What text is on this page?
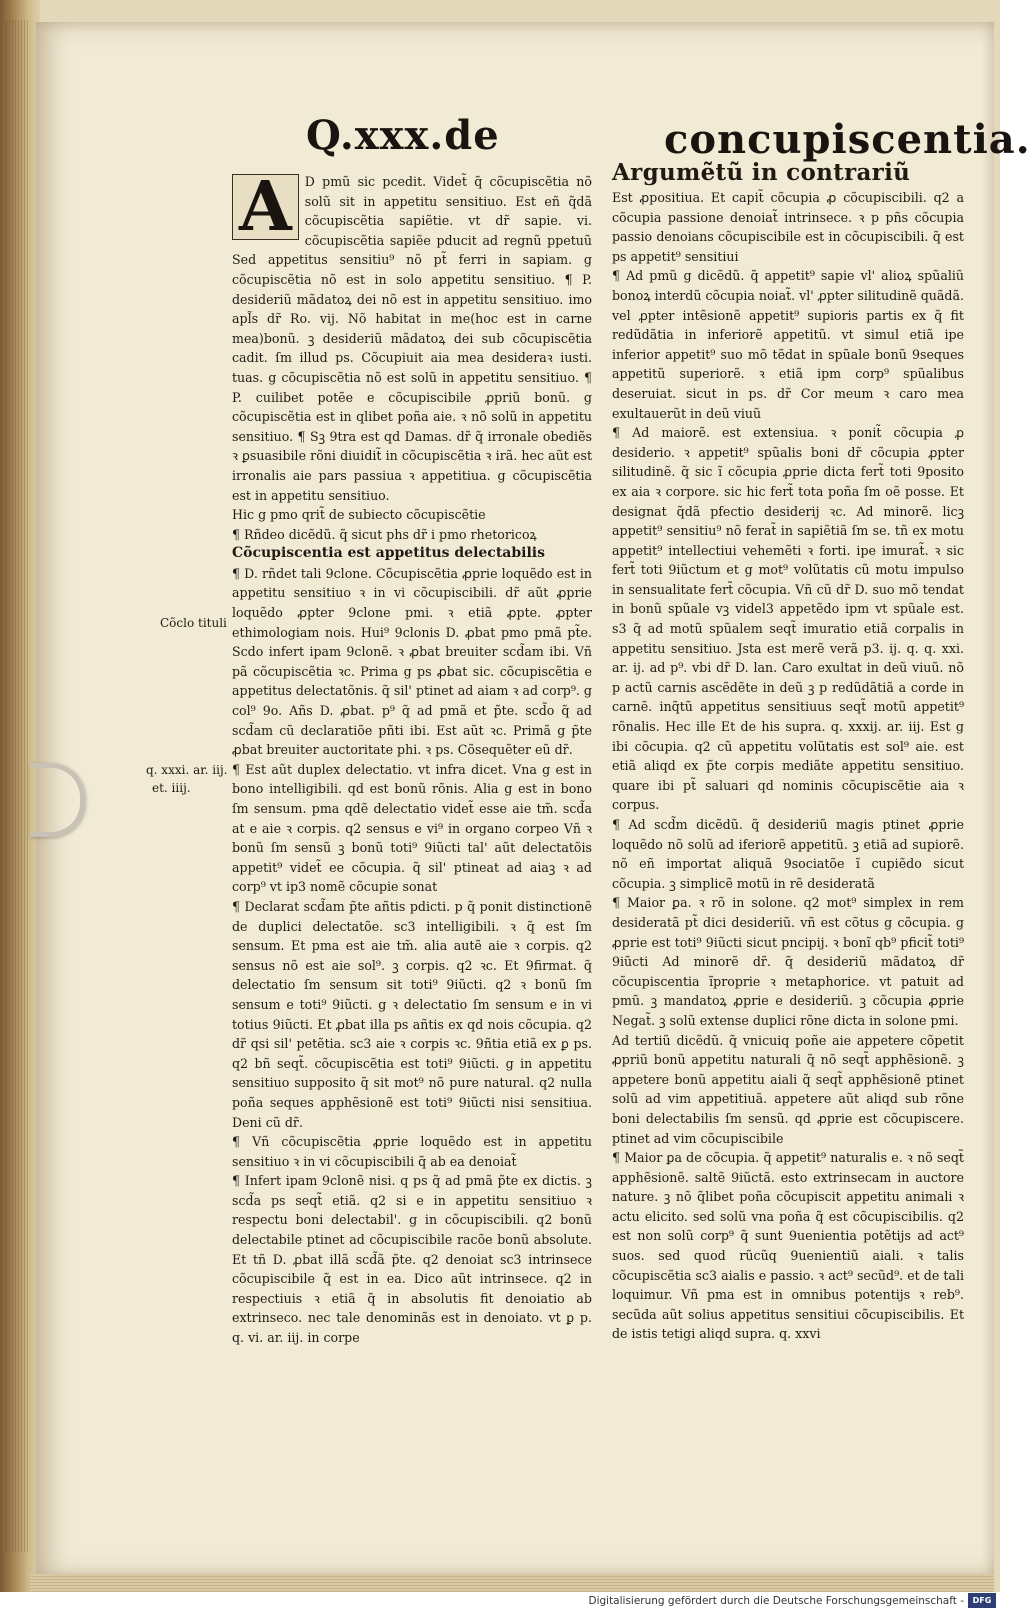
Q.xxx.de	concupiscentia.
A	D pmũ sic pcedit. Videt̃ q̃ cõcupiscẽtia nõ solũ sit in appetitu sensitiuo. Est eñ q̃dã cõcupiscẽtia sapiẽtie. vt dr̃ sapie. vi. cõcupiscẽtia sapiẽe pducit ad regnũ ppetuũ Sed appetitus sensitiu⁹ nõ pt̃ ferri in sapiam. g cõcupiscẽtia nõ est in solo appetitu sensitiuo. ¶ P. desideriũ mãdatoꝝ dei nõ est in appetitu sensitiuo. imo apl̃s dr̃ Ro. vij. Nõ habitat in me(hoc est in carne mea)bonũ. ꝫ desideriũ mãdatoꝝ dei sub cõcupiscẽtia cadit. ſm illud ps. Cõcupiuit aia mea desideraꝛ iusti. tuas. g cõcupiscẽtia nõ est solũ in appetitu sensitiuo. ¶ P. cuilibet potẽe e cõcupiscibile ꝓpriũ bonũ. g cõcupiscẽtia est in qlibet poña aie. ꝛ nõ solũ in appetitu sensitiuo. ¶ Sꝫ 9tra est qd Damas. dr̃ q̃ irronale obediẽs ꝛ ꝑsuasibile rõni diuidit̃ in cõcupiscẽtia ꝛ irã. hec aũt est irronalis aie pars passiua ꝛ appetitiua. g cõcupiscẽtia est in appetitu sensitiuo.

Hic g pmo qrit̃ de subiecto cõcupiscẽtie

¶ Rñdeo dicẽdũ. q̃ sicut phs dr̃ i pmo rhetoricoꝝ

Cõcupiscentia est appetitus delectabilis

¶ D. rñdet tali 9clone. Cõcupiscẽtia ꝓprie loquẽdo est in appetitu sensitiuo ꝛ in vi cõcupiscibili. dr̃ aũt ꝓprie loquẽdo ꝓpter 9clone pmi. ꝛ etiã ꝓpte. ꝓpter ethimologiam nois. Hui⁹ 9clonis D. ꝓbat pmo pmã pt̃e. Scdo infert ipam 9clonẽ. ꝛ ꝓbat breuiter scd̃am ibi. Vñ pã cõcupiscẽtia ꝛc. Prima g ps ꝓbat sic. cõcupiscẽtia e appetitus delectatõnis. q̃ sil' ptinet ad aiam ꝛ ad corp⁹. g col⁹ 9o. Añs D. ꝓbat. p⁹ q̃ ad pmã et p̃te. scd̃o q̃ ad scd̃am cũ declaratiõe pñti ibi. Est aũt ꝛc. Primã g p̃te ꝓbat breuiter auctoritate phi. ꝛ ps. Cõsequẽter eũ dr̃.

¶ Est aũt duplex delectatio. vt infra dicet. Vna g est in bono intelligibili. qd est bonũ rõnis. Alia g est in bono ſm sensum. pma qdẽ delectatio videt̃ esse aie tm̃. scd̃a at e aie ꝛ corpis. q2 sensus e vi⁹ in organo corpeo Vñ ꝛ bonũ ſm sensũ ꝫ bonũ toti⁹ 9iũcti tal' aũt delectatõis appetit⁹ videt̃ ee cõcupia. q̃ sil' ptineat ad aiaꝫ ꝛ ad corp⁹ vt ip3 nomẽ cõcupie sonat

¶ Declarat scd̃am p̃te añtis pdicti. p q̃ ponit distinctionẽ de duplici delectatõe. sc3 intelligibili. ꝛ q̃ est ſm sensum. Et pma est aie tm̃. alia autẽ aie ꝛ corpis. q2 sensus nõ est aie sol⁹. ꝫ corpis. q2 ꝛc. Et 9firmat. q̃ delectatio ſm sensum sit toti⁹ 9iũcti. q2 ꝛ bonũ ſm sensum e toti⁹ 9iũcti. g ꝛ delectatio ſm sensum e in vi totius 9iũcti. Et ꝓbat illa ps añtis ex qd nois cõcupia. q2 dr̃ qsi sil' petẽtia. sc3 aie ꝛ corpis ꝛc. 9ñtia etiã ex ꝑ ps. q2 bñ seqt̃. cõcupiscẽtia est toti⁹ 9iũcti. g in appetitu sensitiuo supposito q̃ sit mot⁹ nõ pure natural. q2 nulla poña seques apphẽsionẽ est toti⁹ 9iũcti nisi sensitiua. Deni cũ dr̃.

¶ Vñ cõcupiscẽtia ꝓprie loquẽdo est in appetitu sensitiuo ꝛ in vi cõcupiscibili q̃ ab ea denoiat̃

¶ Infert ipam 9clonẽ nisi. q ps q̃ ad pmã p̃te ex dictis. ꝫ scd̃a ps seqt̃ etiã. q2 si e in appetitu sensitiuo ꝛ respectu boni delectabil'. g in cõcupiscibili. q2 bonũ delectabile ptinet ad cõcupiscibile racõe bonũ absolute. Et tñ D. ꝓbat illã scd̃ã p̃te. q2 denoiat sc3 intrinsece cõcupiscibile q̃ est in ea. Dico aũt intrinsece. q2 in respectiuis ꝛ etiã q̃ in absolutis fit denoiatio ab extrinseco. nec tale denominãs est in denoiato. vt ꝑ p. q. vi. ar. iij. in corpe

Argumẽtũ in contrariũ

Est ꝓpositiua. Et capit̃ cõcupia ꝓ cõcupiscibili. q2 a cõcupia passione denoiat̃ intrinsece. ꝛ p pñs cõcupia passio denoians cõcupiscibile est in cõcupiscibili. q̃ est ps appetit⁹ sensitiui

¶ Ad pmũ g dicẽdũ. q̃ appetit⁹ sapie vl' alioꝝ spũaliũ bonoꝝ interdũ cõcupia noiat̃. vl' ꝓpter silitudinẽ quãdã. vel ꝓpter intẽsionẽ appetit⁹ supioris partis ex q̃ fit redũdãtia in inferiorẽ appetitũ. vt simul etiã ipe inferior appetit⁹ suo mõ tẽdat in spũale bonũ 9seques appetitũ superiorẽ. ꝛ etiã ipm corp⁹ spũalibus deseruiat. sicut in ps. dr̃ Cor meum ꝛ caro mea exultauerũt in deũ viuũ

¶ Ad maiorẽ. est extensiua. ꝛ ponit̃ cõcupia ꝓ desiderio. ꝛ appetit⁹ spũalis boni dr̃ cõcupia ꝓpter silitudinẽ. q̃ sic ĩ cõcupia ꝓprie dicta fert̃ toti 9posito ex aia ꝛ corpore. sic hic fert̃ tota poña ſm oẽ posse. Et designat q̃dã pfectio desiderij ꝛc. Ad minorẽ. licꝫ appetit⁹ sensitiu⁹ nõ ferat̃ in sapiẽtiã ſm se. tñ ex motu appetit⁹ intellectiui vehemẽti ꝛ forti. ipe imurat̃. ꝛ sic fert̃ toti 9iũctum et g mot⁹ volũtatis cũ motu impulso in sensualitate fert̃ cõcupia. Vñ cũ dr̃ D. suo mõ tendat in bonũ spũale vꝫ videl3 appetẽdo ipm vt spũale est. s3 q̃ ad motũ spũalem seqt̃ imuratio etiã corpalis in appetitu sensitiuo. Jsta est merẽ verã p3. ij. q. q. xxi. ar. ij. ad p⁹. vbi dr̃ D. lan. Caro exultat in deũ viuũ. nõ p actũ carnis ascẽdẽte in deũ ꝫ p redũdãtiã a corde in carnẽ. inq̃tũ appetitus sensitiuus seqt̃ motũ appetit⁹ rõnalis. Hec ille Et de his supra. q. xxxij. ar. iij. Est g ibi cõcupia. q2 cũ appetitu volũtatis est sol⁹ aie. est etiã aliqd ex p̃te corpis mediãte appetitu sensitiuo. quare ibi pt̃ saluari qd nominis cõcupiscẽtie aia ꝛ corpus.

¶ Ad scd̃m dicẽdũ. q̃ desideriũ magis ptinet ꝓprie loquẽdo nõ solũ ad iferiorẽ appetitũ. ꝫ etiã ad supiorẽ. nõ eñ importat aliquã 9sociatõe ĩ cupiẽdo sicut cõcupia. ꝫ simplicẽ motũ in rẽ desideratã

¶ Maior ꝑa. ꝛ rõ in solone. q2 mot⁹ simplex in rem desideratã pt̃ dici desideriũ. vñ est cõtus g cõcupia. g ꝓprie est toti⁹ 9iũcti sicut pncipij. ꝛ bonĩ qb⁹ pficit̃ toti⁹ 9iũcti Ad minorẽ dr̃. q̃ desideriũ mãdatoꝝ dr̃ cõcupiscentia ĩproprie ꝛ metaphorice. vt patuit ad pmũ. ꝫ mandatoꝝ ꝓprie e desideriũ. ꝫ cõcupia ꝓprie Negat̃. ꝫ solũ extense duplici rõne dicta in solone pmi.

Ad tertiũ dicẽdũ. q̃ vnicuiq poñe aie appetere cõpetit ꝓpriũ bonũ appetitu naturali q̃ nõ seqt̃ apphẽsionẽ. ꝫ appetere bonũ appetitu aiali q̃ seqt̃ apphẽsionẽ ptinet solũ ad vim appetitiuã. appetere aũt aliqd sub rõne boni delectabilis ſm sensũ. qd ꝓprie est cõcupiscere. ptinet ad vim cõcupiscibile

¶ Maior ꝑa de cõcupia. q̃ appetit⁹ naturalis e. ꝛ nõ seqt̃ apphẽsionẽ. saltẽ 9iũctã. esto extrinsecam in auctore nature. ꝫ nõ q̃libet poña cõcupiscit appetitu animali ꝛ actu elicito. sed solũ vna poña q̃ est cõcupiscibilis. q2 est non solũ corp⁹ q̃ sunt 9uenientia potẽtijs ad act⁹ suos. sed quod rũcũq 9uenientiũ aiali. ꝛ talis cõcupiscẽtia sc3 aialis e passio. ꝛ act⁹ secũd⁹. et de tali loquimur. Vñ pma est in omnibus potentijs ꝛ reb⁹. secũda aũt solius appetitus sensitiui cõcupiscibilis. Et de istis tetigi aliqd supra. q. xxvi

Cõclo tituli
q. xxxi. ar. iij.
et. iiij.
Digitalisierung gefördert durch die Deutsche Forschungsgemeinschaft -	DFG
